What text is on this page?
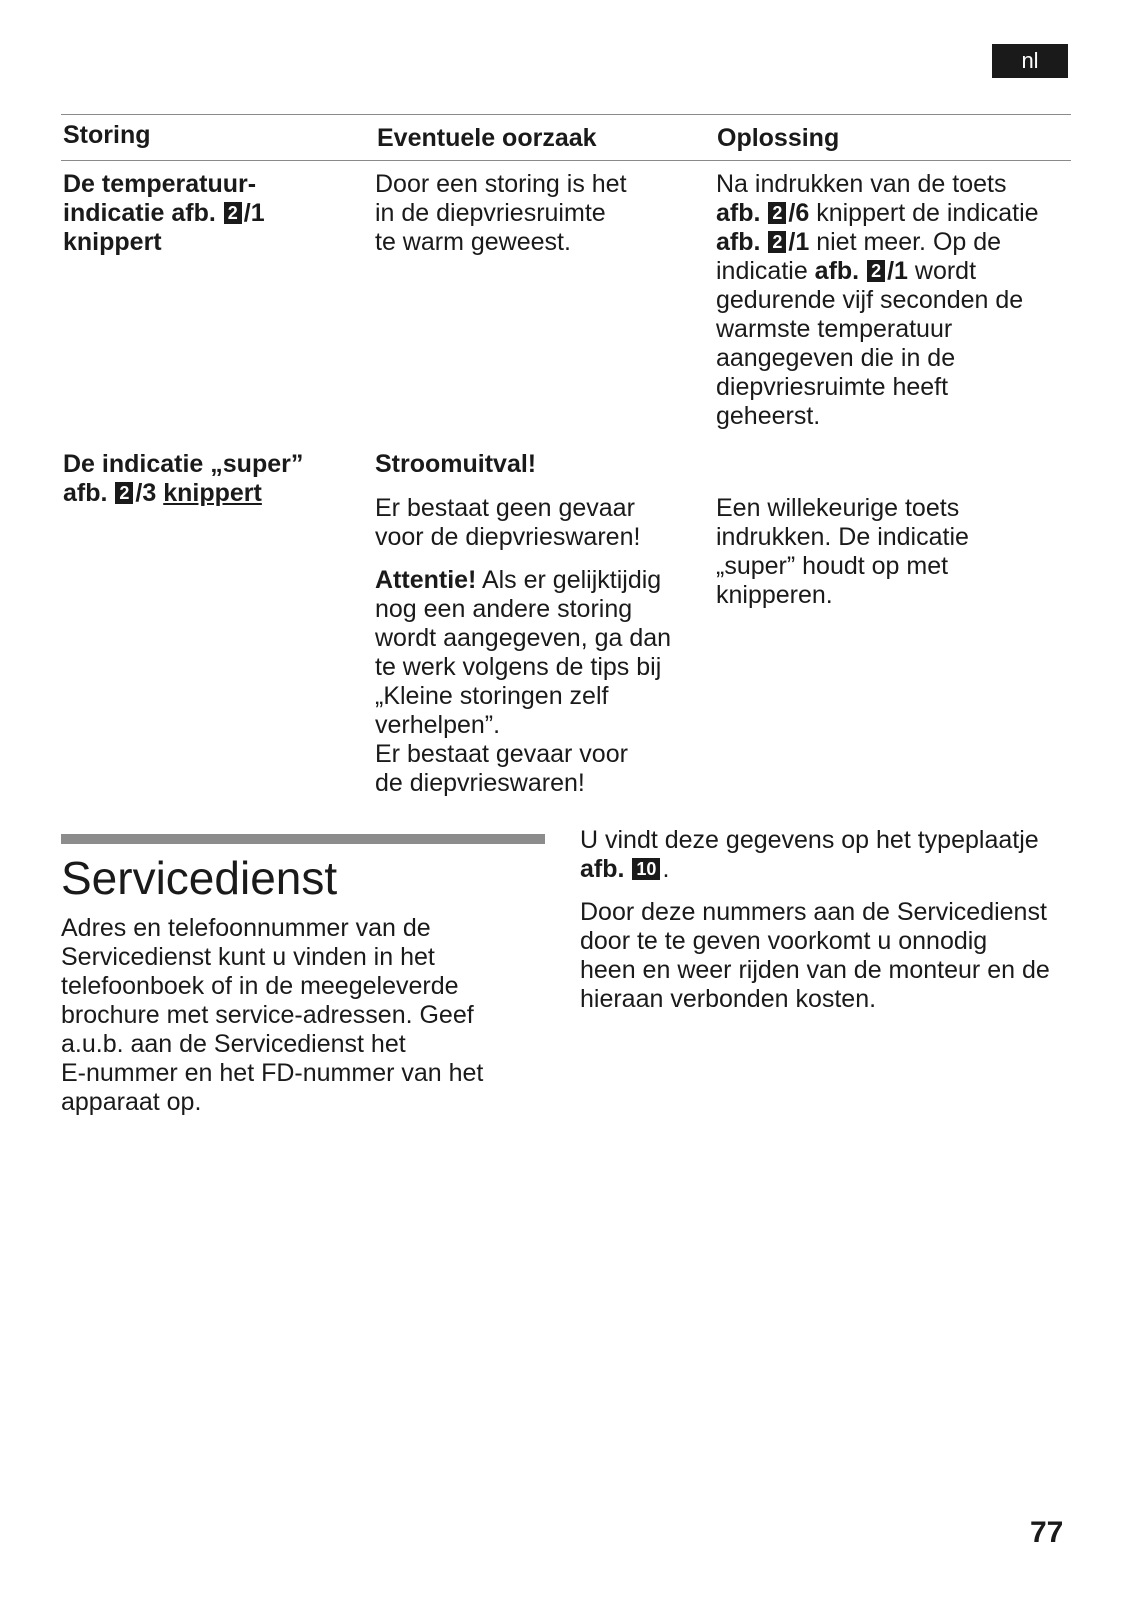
nl
Storing	Eventuele oorzaak	Oplossing
De temperatuur-
indicatie afb. 2 /1
knippert
Door een storing is het
in de diepvriesruimte
te warm geweest.
Na indrukken van de toets
afb. 2 /6 knippert de indicatie
afb. 2 /1 niet meer. Op de
indicatie afb. 2 /1 wordt
gedurende vijf seconden de
warmste temperatuur
aangegeven die in de
diepvriesruimte heeft
geheerst.
De indicatie „super”
afb. 2 /3 knippert
Stroomuitval!
Er bestaat geen gevaar
voor de diepvrieswaren!
Attentie! Als er gelijktijdig
nog een andere storing
wordt aangegeven, ga dan
te werk volgens de tips bij
„Kleine storingen zelf
verhelpen”.
Er bestaat gevaar voor
de diepvrieswaren!
Een willekeurige toets
indrukken. De indicatie
„super” houdt op met
knipperen.
Servicedienst
Adres en telefoonnummer van de
Servicedienst kunt u vinden in het
telefoonboek of in de meegeleverde
brochure met service-adressen. Geef
a.u.b. aan de Servicedienst het
E-nummer en het FD-nummer van het
apparaat op.
U vindt deze gegevens op het typeplaatje
afb. 10 .
Door deze nummers aan de Servicedienst
door te te geven voorkomt u onnodig
heen en weer rijden van de monteur en de
hieraan verbonden kosten.
77
